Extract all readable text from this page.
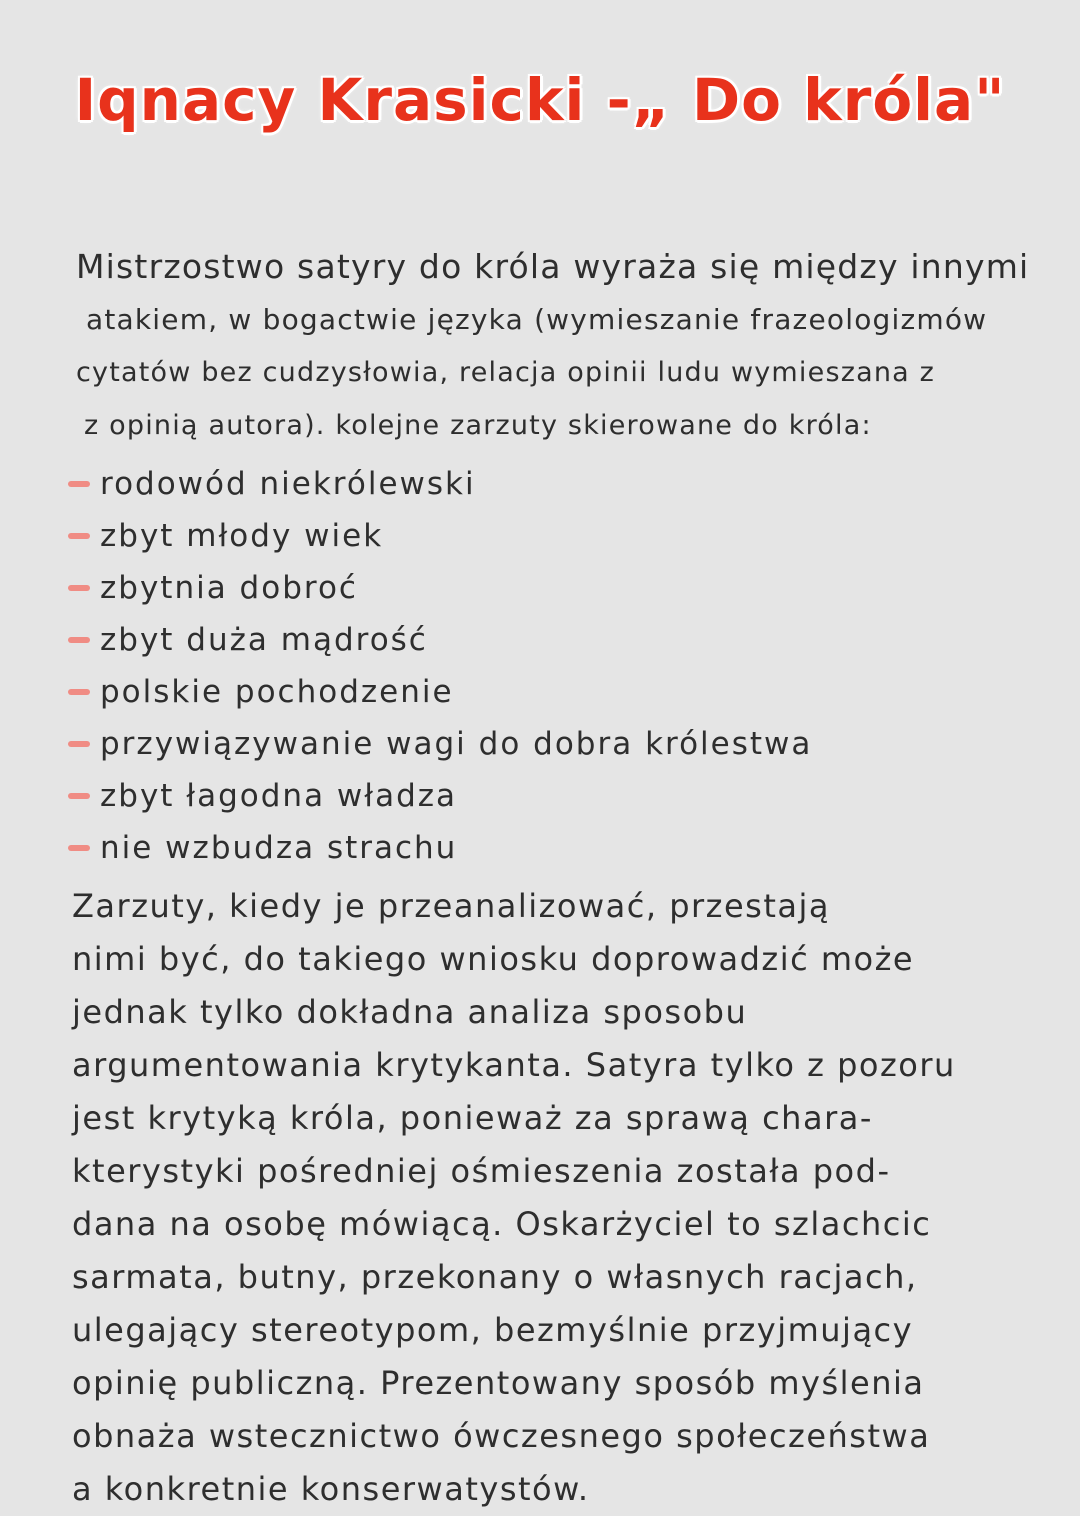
Iqnacy Krasicki -„ Do króla"
Mistrzostwo satyry do króla wyraża się między innymi
atakiem, w bogactwie języka (wymieszanie frazeologizmów
cytatów bez cudzysłowia, relacja opinii ludu wymieszana z
z opinią autora). kolejne zarzuty skierowane do króla:
rodowód niekrólewski
zbyt młody wiek
zbytnia dobroć
zbyt duża mądrość
polskie pochodzenie
przywiązywanie wagi do dobra królestwa
zbyt łagodna władza
nie wzbudza strachu
Zarzuty, kiedy je przeanalizować, przestają
nimi być, do takiego wniosku doprowadzić może
jednak tylko dokładna analiza sposobu
argumentowania krytykanta. Satyra tylko z pozoru
jest krytyką króla, ponieważ za sprawą chara-
kterystyki pośredniej ośmieszenia została pod-
dana na osobę mówiącą. Oskarżyciel to szlachcic
sarmata, butny, przekonany o własnych racjach,
ulegający stereotypom, bezmyślnie przyjmujący
opinię publiczną. Prezentowany sposób myślenia
obnaża wstecznictwo ówczesnego społeczeństwa
a konkretnie konserwatystów.
